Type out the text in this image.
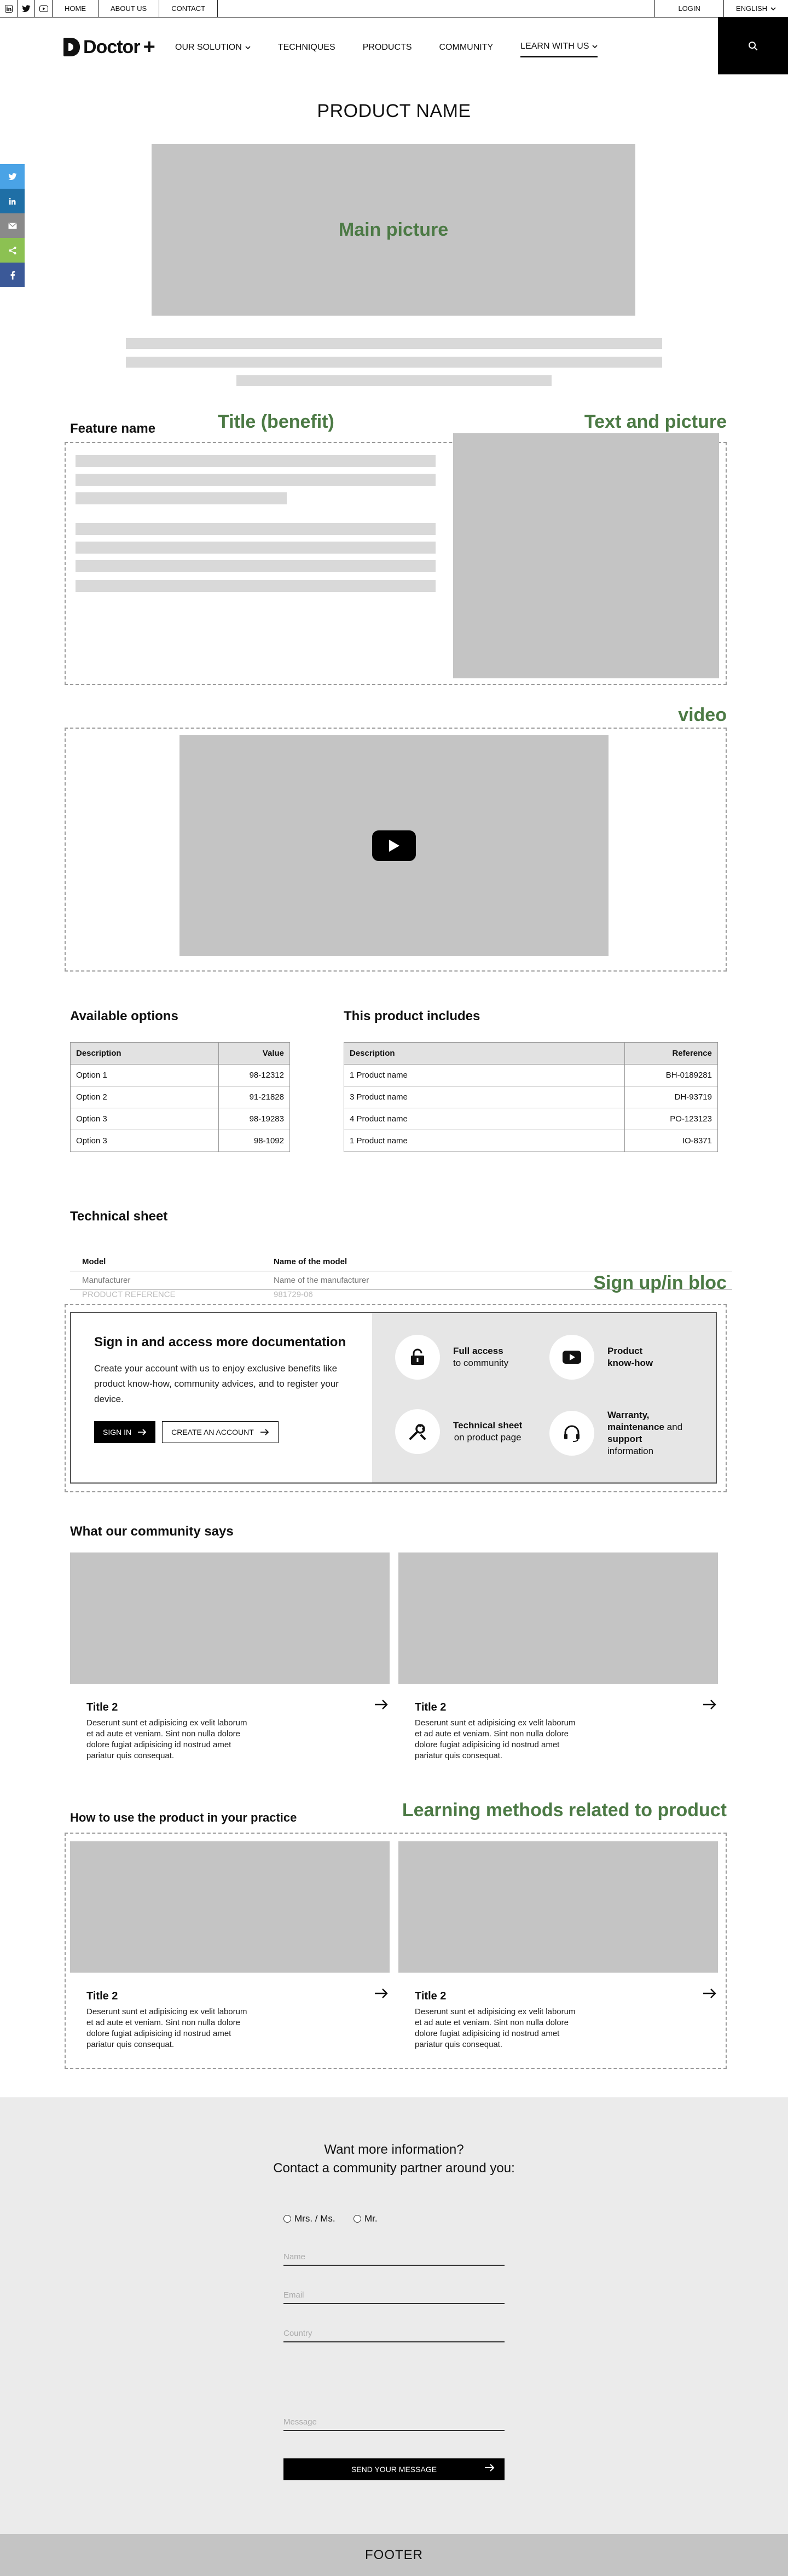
HOME	ABOUT US	CONTACT	LOGIN	ENGLISH
Doctor + OUR SOLUTION	TECHNIQUES	PRODUCTS	COMMUNITY	LEARN WITH US
PRODUCT NAME
Main picture
Title (benefit)	Text and picture
Feature name
video
Available options
Description	Value
Option 1	98-12312
Option 2	91-21828
Option 3	98-19283
Option 3	98-1092
This product includes
Description	Reference
1 Product name	BH-0189281
3 Product name	DH-93719
4 Product name	PO-123123
1 Product name	IO-8371
Technical sheet
Model	Name of the model
Manufacturer	Name of the manufacturer
PRODUCT REFERENCE	981729-06
Sign up/in bloc
Sign in and access more documentation

Create your account with us to enjoy exclusive benefits like product know-how, community advices, and to register your device.

SIGN IN	CREATE AN ACCOUNT
Full access
to community
Product
know-how
Technical sheet
on product page
Warranty, maintenance and support information
What our community says
Title 2
Deserunt sunt et adipisicing ex velit laborum et ad aute et veniam. Sint non nulla dolore dolore fugiat adipisicing id nostrud amet pariatur quis consequat.
Title 2
Deserunt sunt et adipisicing ex velit laborum et ad aute et veniam. Sint non nulla dolore dolore fugiat adipisicing id nostrud amet pariatur quis consequat.
How to use the product in your practice	Learning methods related to product
Title 2
Deserunt sunt et adipisicing ex velit laborum et ad aute et veniam. Sint non nulla dolore dolore fugiat adipisicing id nostrud amet pariatur quis consequat.
Title 2
Deserunt sunt et adipisicing ex velit laborum et ad aute et veniam. Sint non nulla dolore dolore fugiat adipisicing id nostrud amet pariatur quis consequat.
Want more information?
Contact a community partner around you:
Mrs. / Ms.	Mr.
Name
Email
Country
Message
SEND YOUR MESSAGE
FOOTER
